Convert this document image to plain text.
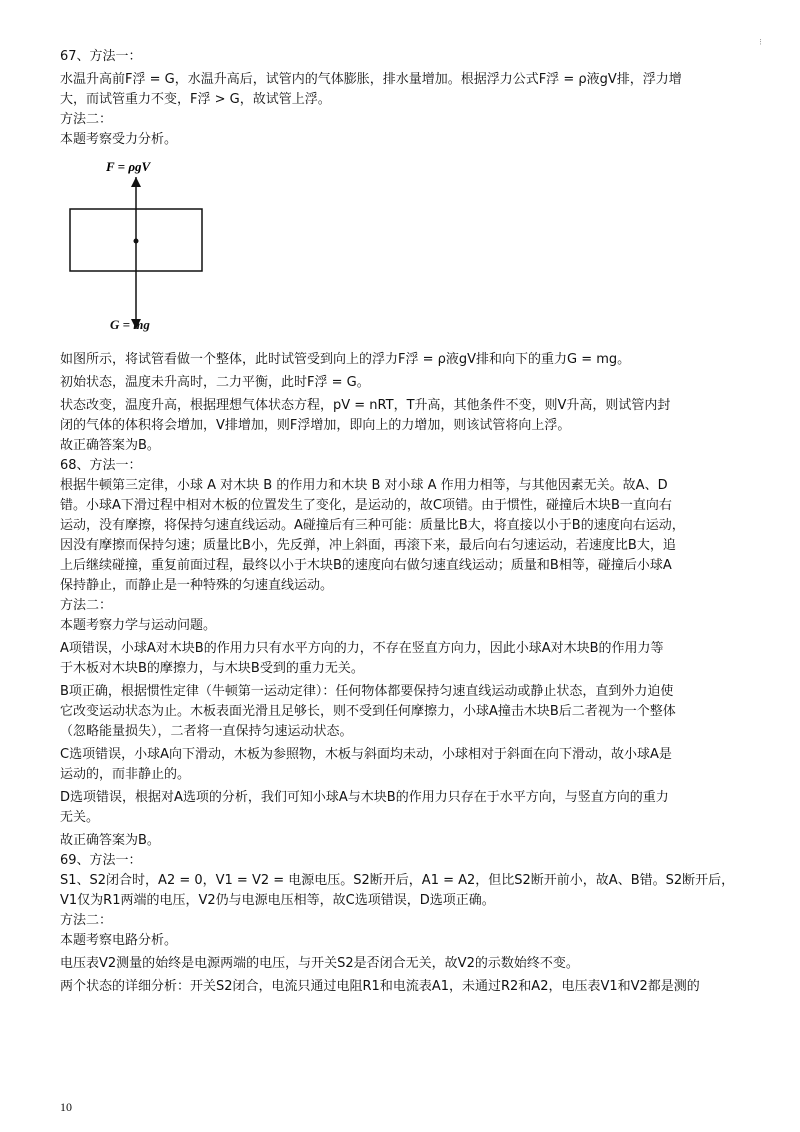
⁝
67、方法一：
水温升高前F浮 = G，水温升高后，试管内的气体膨胀，排水量增加。根据浮力公式F浮 = ρ液gV排，浮力增
大，而试管重力不变，F浮 > G，故试管上浮。
方法二：
本题考察受力分析。
F = ρgV
G = mg
如图所示，将试管看做一个整体，此时试管受到向上的浮力F浮 = ρ液gV排和向下的重力G = mg。
初始状态，温度未升高时，二力平衡，此时F浮 = G。
状态改变，温度升高，根据理想气体状态方程，pV = nRT，T升高，其他条件不变，则V升高，则试管内封
闭的气体的体积将会增加，V排增加，则F浮增加，即向上的力增加，则该试管将向上浮。
故正确答案为B。
68、方法一：
根据牛顿第三定律，小球 A 对木块 B 的作用力和木块 B 对小球 A 作用力相等，与其他因素无关。故A、D
错。小球A下滑过程中相对木板的位置发生了变化，是运动的，故C项错。由于惯性，碰撞后木块B一直向右
运动，没有摩擦，将保持匀速直线运动。A碰撞后有三种可能：质量比B大，将直接以小于B的速度向右运动，
因没有摩擦而保持匀速；质量比B小，先反弹，冲上斜面，再滚下来，最后向右匀速运动，若速度比B大，追
上后继续碰撞，重复前面过程，最终以小于木块B的速度向右做匀速直线运动；质量和B相等，碰撞后小球A
保持静止，而静止是一种特殊的匀速直线运动。
方法二：
本题考察力学与运动问题。
A项错误，小球A对木块B的作用力只有水平方向的力，不存在竖直方向力，因此小球A对木块B的作用力等
于木板对木块B的摩擦力，与木块B受到的重力无关。
B项正确，根据惯性定律（牛顿第一运动定律）：任何物体都要保持匀速直线运动或静止状态，直到外力迫使
它改变运动状态为止。木板表面光滑且足够长，则不受到任何摩擦力，小球A撞击木块B后二者视为一个整体
（忽略能量损失），二者将一直保持匀速运动状态。
C选项错误，小球A向下滑动，木板为参照物，木板与斜面均未动，小球相对于斜面在向下滑动，故小球A是
运动的，而非静止的。
D选项错误，根据对A选项的分析，我们可知小球A与木块B的作用力只存在于水平方向，与竖直方向的重力
无关。
故正确答案为B。
69、方法一：
S1、S2闭合时，A2 = 0，V1 = V2 = 电源电压。S2断开后，A1 = A2，但比S2断开前小，故A、B错。S2断开后，
V1仅为R1两端的电压，V2仍与电源电压相等，故C选项错误，D选项正确。
方法二：
本题考察电路分析。
电压表V2测量的始终是电源两端的电压，与开关S2是否闭合无关，故V2的示数始终不变。
两个状态的详细分析：开关S2闭合，电流只通过电阻R1和电流表A1，未通过R2和A2，电压表V1和V2都是测的
10
